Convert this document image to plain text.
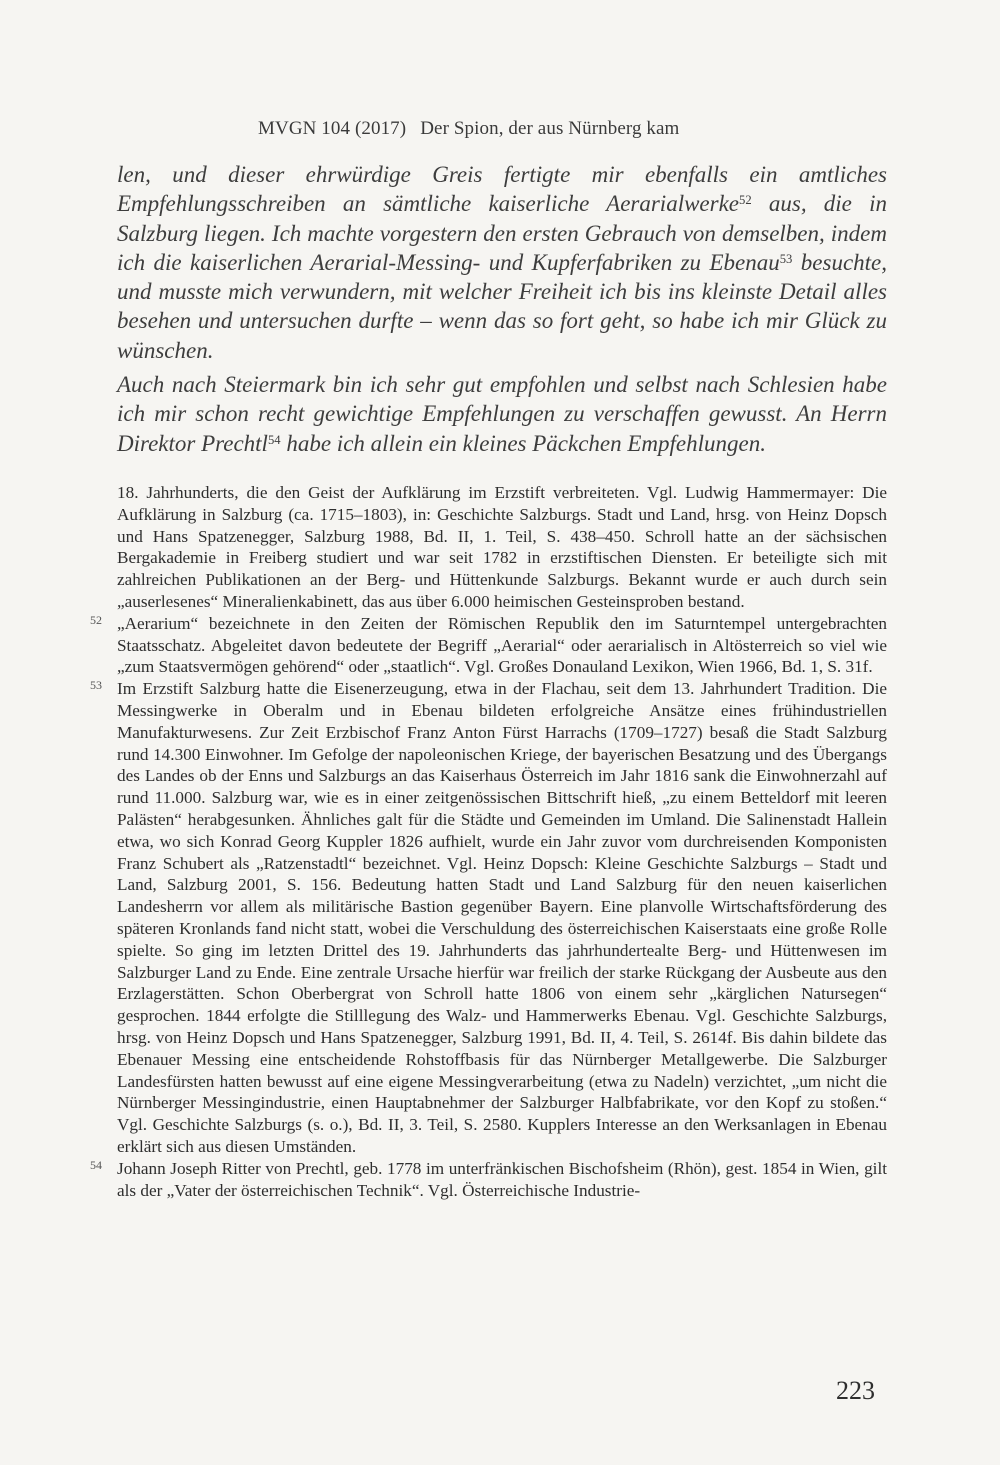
MVGN 104 (2017) Der Spion, der aus Nürnberg kam

len, und dieser ehrwürdige Greis fertigte mir ebenfalls ein amtliches Empfehlungsschreiben an sämtliche kaiserliche Aerarialwerke$^{52}$ aus, die in Salzburg liegen. Ich machte vorgestern den ersten Gebrauch von demselben, indem ich die kaiserlichen Aerarial-Messing- und Kupferfabriken zu Ebenau$^{53}$ besuchte, und musste mich verwundern, mit welcher Freiheit ich bis ins kleinste Detail alles besehen und untersuchen durfte – wenn das so fort geht, so habe ich mir Glück zu wünschen.

Auch nach Steiermark bin ich sehr gut empfohlen und selbst nach Schlesien habe ich mir schon recht gewichtige Empfehlungen zu verschaffen gewusst. An Herrn Direktor Prechtl$^{54}$ habe ich allein ein kleines Päckchen Empfehlungen.

18. Jahrhunderts, die den Geist der Aufklärung im Erzstift verbreiteten. Vgl. Ludwig Hammermayer: Die Aufklärung in Salzburg (ca. 1715–1803), in: Geschichte Salzburgs. Stadt und Land, hrsg. von Heinz Dopsch und Hans Spatzenegger, Salzburg 1988, Bd. II, 1. Teil, S. 438–450. Schroll hatte an der sächsischen Bergakademie in Freiberg studiert und war seit 1782 in erzstiftischen Diensten. Er beteiligte sich mit zahlreichen Publikationen an der Berg- und Hüttenkunde Salzburgs. Bekannt wurde er auch durch sein „auserlesenes“ Mineralienkabinett, das aus über 6.000 heimischen Gesteinsproben bestand.

52 „Aerarium“ bezeichnete in den Zeiten der Römischen Republik den im Saturntempel untergebrachten Staatsschatz. Abgeleitet davon bedeutete der Begriff „Aerarial“ oder aerarialisch in Altösterreich so viel wie „zum Staatsvermögen gehörend“ oder „staatlich“. Vgl. Großes Donauland Lexikon, Wien 1966, Bd. 1, S. 31f.
53 Im Erzstift Salzburg hatte die Eisenerzeugung, etwa in der Flachau, seit dem 13. Jahrhundert Tradition. Die Messingwerke in Oberalm und in Ebenau bildeten erfolgreiche Ansätze eines frühindustriellen Manufakturwesens. Zur Zeit Erzbischof Franz Anton Fürst Harrachs (1709–1727) besaß die Stadt Salzburg rund 14.300 Einwohner. Im Gefolge der napoleonischen Kriege, der bayerischen Besatzung und des Übergangs des Landes ob der Enns und Salzburgs an das Kaiserhaus Österreich im Jahr 1816 sank die Einwohnerzahl auf rund 11.000. Salzburg war, wie es in einer zeitgenössischen Bittschrift hieß, „zu einem Betteldorf mit leeren Palästen“ herabgesunken. Ähnliches galt für die Städte und Gemeinden im Umland. Die Salinenstadt Hallein etwa, wo sich Konrad Georg Kuppler 1826 aufhielt, wurde ein Jahr zuvor vom durchreisenden Komponisten Franz Schubert als „Ratzenstadtl“ bezeichnet. Vgl. Heinz Dopsch: Kleine Geschichte Salzburgs – Stadt und Land, Salzburg 2001, S. 156. Bedeutung hatten Stadt und Land Salzburg für den neuen kaiserlichen Landesherrn vor allem als militärische Bastion gegenüber Bayern. Eine planvolle Wirtschaftsförderung des späteren Kronlands fand nicht statt, wobei die Verschuldung des österreichischen Kaiserstaats eine große Rolle spielte. So ging im letzten Drittel des 19. Jahrhunderts das jahrhundertealte Berg- und Hüttenwesen im Salzburger Land zu Ende. Eine zentrale Ursache hierfür war freilich der starke Rückgang der Ausbeute aus den Erzlagerstätten. Schon Oberbergrat von Schroll hatte 1806 von einem sehr „kärglichen Natursegen“ gesprochen. 1844 erfolgte die Stilllegung des Walz- und Hammerwerks Ebenau. Vgl. Geschichte Salzburgs, hrsg. von Heinz Dopsch und Hans Spatzenegger, Salzburg 1991, Bd. II, 4. Teil, S. 2614f. Bis dahin bildete das Ebenauer Messing eine entscheidende Rohstoffbasis für das Nürnberger Metallgewerbe. Die Salzburger Landesfürsten hatten bewusst auf eine eigene Messingverarbeitung (etwa zu Nadeln) verzichtet, „um nicht die Nürnberger Messingindustrie, einen Hauptabnehmer der Salzburger Halbfabrikate, vor den Kopf zu stoßen.“ Vgl. Geschichte Salzburgs (s. o.), Bd. II, 3. Teil, S. 2580. Kupplers Interesse an den Werksanlagen in Ebenau erklärt sich aus diesen Umständen.
54 Johann Joseph Ritter von Prechtl, geb. 1778 im unterfränkischen Bischofsheim (Rhön), gest. 1854 in Wien, gilt als der „Vater der österreichischen Technik“. Vgl. Österreichische Industrie-
223
